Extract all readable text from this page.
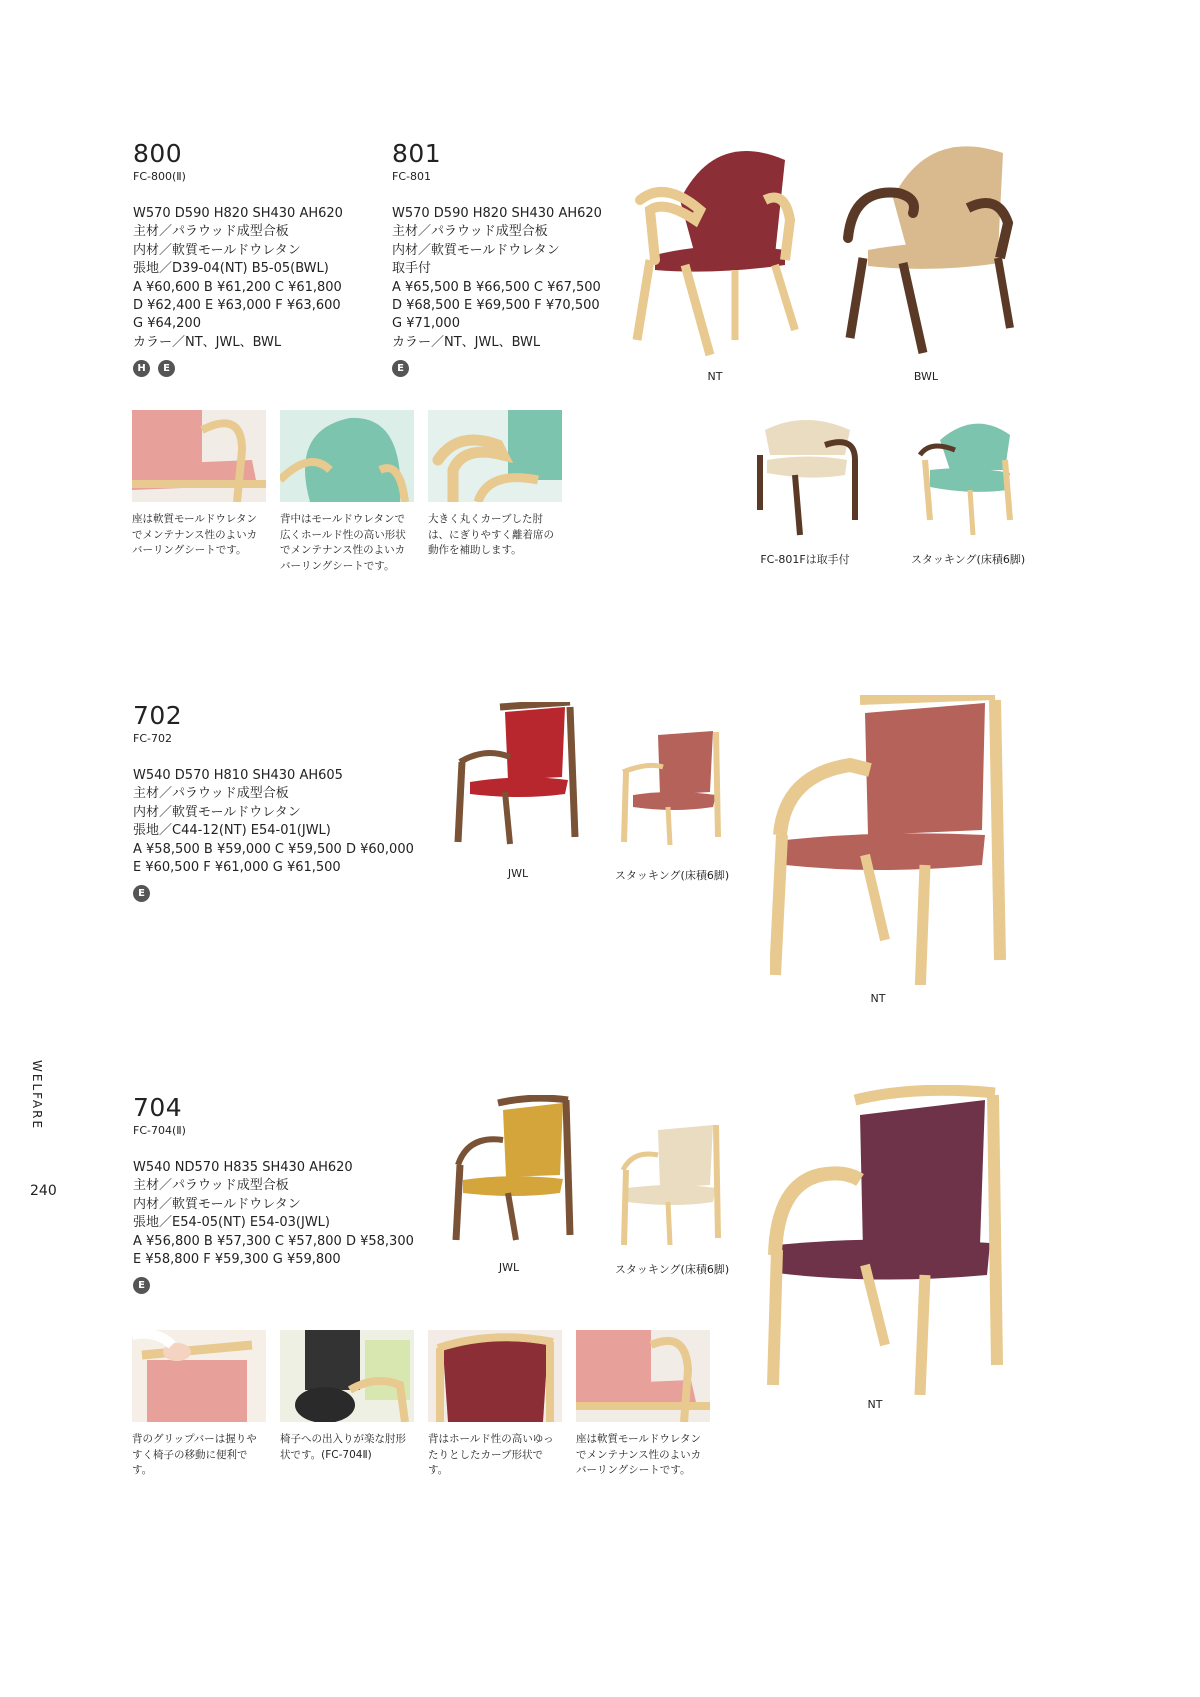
WELFARE
240
800
FC-800(Ⅱ)
W570 D590 H820 SH430 AH620
主材／パラウッド成型合板
内材／軟質モールドウレタン
張地／D39-04(NT) B5-05(BWL)
A ¥60,600 B ¥61,200 C ¥61,800
D ¥62,400 E ¥63,000 F ¥63,600
G ¥64,200
カラー／NT、JWL、BWL
H E
801
FC-801
W570 D590 H820 SH430 AH620
主材／パラウッド成型合板
内材／軟質モールドウレタン
取手付
A ¥65,500 B ¥66,500 C ¥67,500
D ¥68,500 E ¥69,500 F ¥70,500
G ¥71,000
カラー／NT、JWL、BWL
E
NT	BWL
FC-801Fは取手付	スタッキング(床積6脚)
座は軟質モールドウレタンでメンテナンス性のよいカバーリングシートです。
背中はモールドウレタンで広くホールド性の高い形状でメンテナンス性のよいカバーリングシートです。
大きく丸くカーブした肘は、にぎりやすく離着席の動作を補助します。
702
FC-702
W540 D570 H810 SH430 AH605
主材／パラウッド成型合板
内材／軟質モールドウレタン
張地／C44-12(NT) E54-01(JWL)
A ¥58,500 B ¥59,000 C ¥59,500 D ¥60,000
E ¥60,500 F ¥61,000 G ¥61,500
E
JWL	スタッキング(床積6脚)
NT
704
FC-704(Ⅱ)
W540 ND570 H835 SH430 AH620
主材／パラウッド成型合板
内材／軟質モールドウレタン
張地／E54-05(NT) E54-03(JWL)
A ¥56,800 B ¥57,300 C ¥57,800 D ¥58,300
E ¥58,800 F ¥59,300 G ¥59,800
E
JWL	スタッキング(床積6脚)
NT
背のグリップバーは握りやすく椅子の移動に便利です。
椅子への出入りが楽な肘形状です。(FC-704Ⅱ)
背はホールド性の高いゆったりとしたカーブ形状です。
座は軟質モールドウレタンでメンテナンス性のよいカバーリングシートです。
